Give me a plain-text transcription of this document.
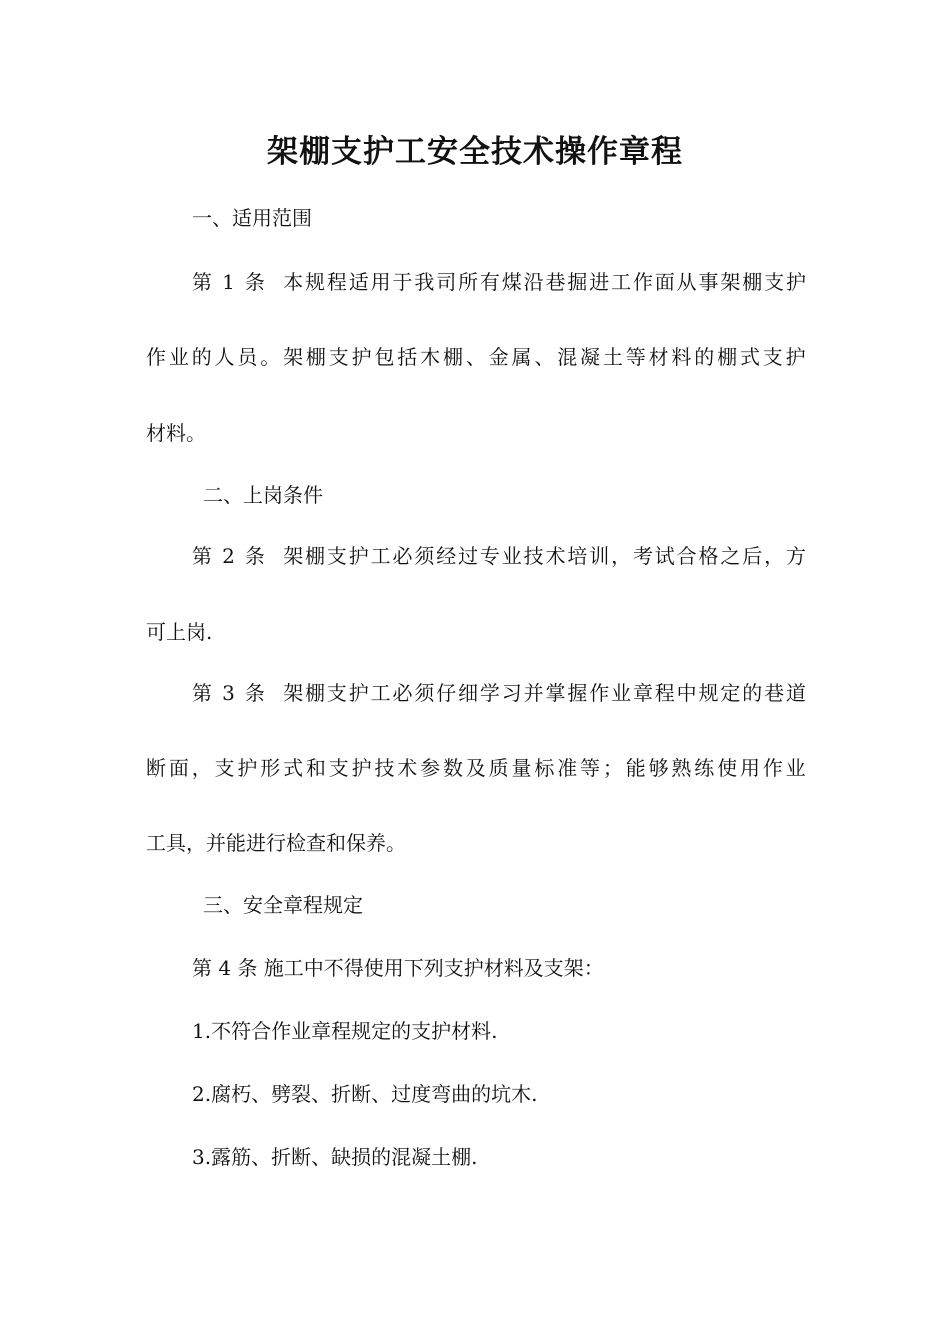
架棚支护工安全技术操作章程
一、适用范围
第
1
条

本 规 程 适 用 于 我 司 所 有 煤 沿 巷 掘 进 工 作 面 从 事 架 棚 支 护
作 业 的 人 员 。 架 棚 支 护 包 括 木 棚 、 金 属 、 混 凝 土 等 材 料 的 棚 式 支 护
材料。
二、上岗条件
第
2
条

架 棚 支 护 工 必 须 经 过 专 业 技 术 培 训 ， 考 试 合 格 之 后 ， 方
可上岗.
第
3
条

架 棚 支 护 工 必 须 仔 细 学 习 并 掌 握 作 业 章 程 中 规 定 的 巷 道
断 面 ， 支 护 形 式 和 支 护 技 术 参 数 及 质 量 标 准 等 ； 能 够 熟 练 使 用 作 业
工具，并能进行检查和保养。
三、安全章程规定
第 4 条 施工中不得使用下列支护材料及支架：
1.不符合作业章程规定的支护材料.
2.腐朽、劈裂、折断、过度弯曲的坑木.
3.露筋、折断、缺损的混凝土棚.
